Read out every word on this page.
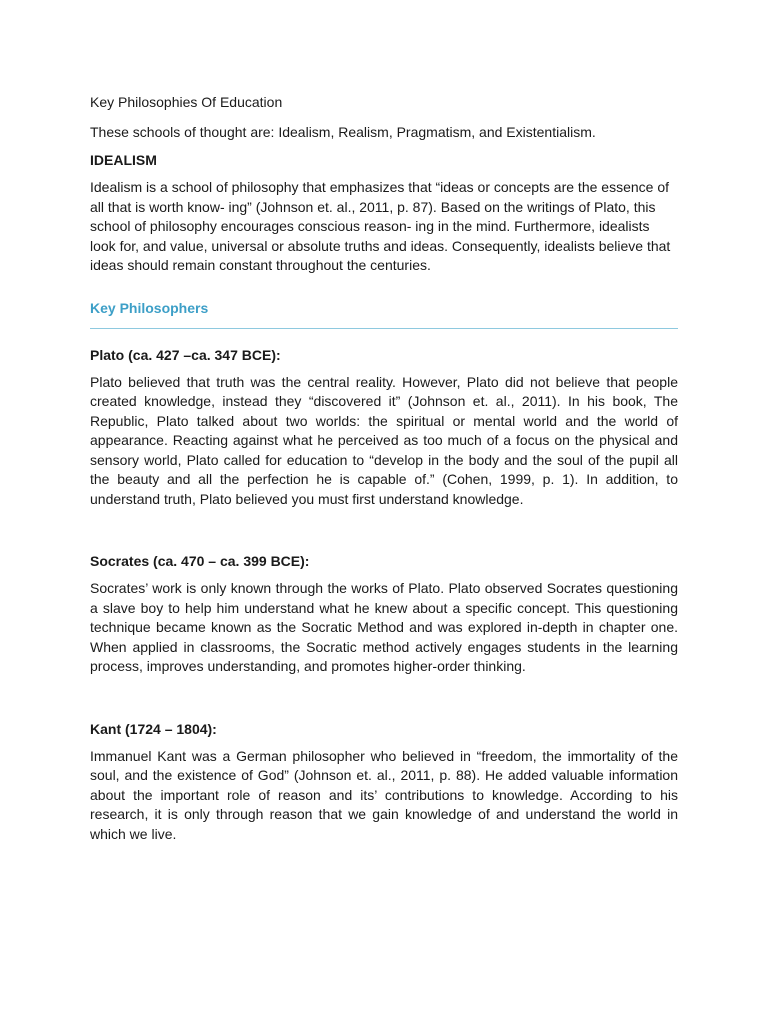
Key Philosophies Of Education
These schools of thought are: Idealism, Realism, Pragmatism, and Existentialism.
IDEALISM
Idealism is a school of philosophy that emphasizes that “ideas or concepts are the essence of all that is worth know- ing” (Johnson et. al., 2011, p. 87). Based on the writings of Plato, this school of philosophy encourages conscious reason- ing in the mind. Furthermore, idealists look for, and value, universal or absolute truths and ideas. Consequently, idealists believe that ideas should remain constant throughout the centuries.
Key Philosophers
Plato (ca. 427 –ca. 347 BCE):
Plato believed that truth was the central reality. However, Plato did not believe that people created knowledge, instead they “discovered it” (Johnson et. al., 2011). In his book, The Republic, Plato talked about two worlds: the spiritual or mental world and the world of appearance. Reacting against what he perceived as too much of a focus on the physical and sensory world, Plato called for education to “develop in the body and the soul of the pupil all the beauty and all the perfection he is capable of.” (Cohen, 1999, p. 1). In addition, to understand truth, Plato believed you must first understand knowledge.
Socrates (ca. 470 – ca. 399 BCE):
Socrates’ work is only known through the works of Plato. Plato observed Socrates questioning a slave boy to help him understand what he knew about a specific concept. This questioning technique became known as the Socratic Method and was explored in-depth in chapter one. When applied in classrooms, the Socratic method actively engages students in the learning process, improves understanding, and promotes higher-order thinking.
Kant (1724 – 1804):
Immanuel Kant was a German philosopher who believed in “freedom, the immortality of the soul, and the existence of God” (Johnson et. al., 2011, p. 88). He added valuable information about the important role of reason and its’ contributions to knowledge. According to his research, it is only through reason that we gain knowledge of and understand the world in which we live.
